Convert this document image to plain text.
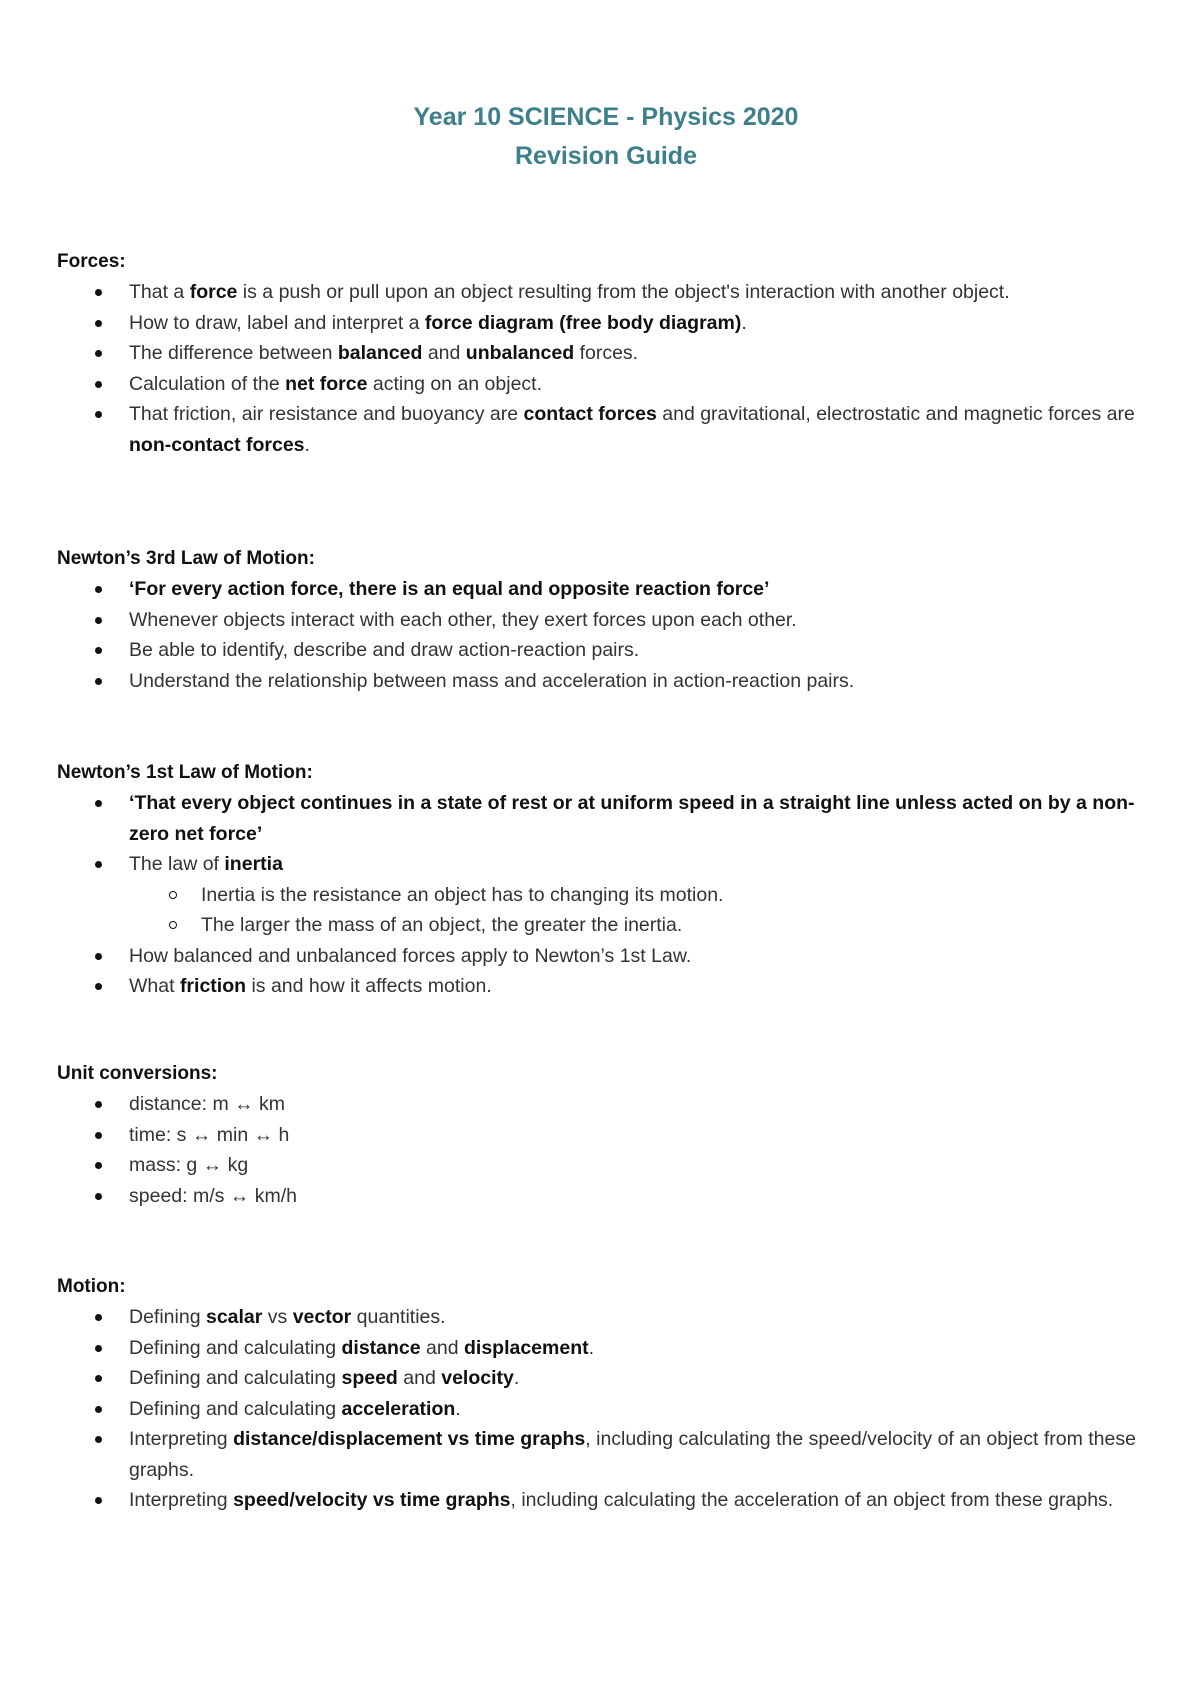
Year 10 SCIENCE - Physics 2020
Revision Guide

Forces:

That a force is a push or pull upon an object resulting from the object's interaction with another object.
How to draw, label and interpret a force diagram (free body diagram).
The difference between balanced and unbalanced forces.
Calculation of the net force acting on an object.
That friction, air resistance and buoyancy are contact forces and gravitational, electrostatic and magnetic forces are non-contact forces.

Newton’s 3rd Law of Motion:

‘For every action force, there is an equal and opposite reaction force’
Whenever objects interact with each other, they exert forces upon each other.
Be able to identify, describe and draw action-reaction pairs.
Understand the relationship between mass and acceleration in action-reaction pairs.

Newton’s 1st Law of Motion:

‘That every object continues in a state of rest or at uniform speed in a straight line unless acted on by a non-zero net force’
The law of inertia
Inertia is the resistance an object has to changing its motion.
The larger the mass of an object, the greater the inertia.
How balanced and unbalanced forces apply to Newton’s 1st Law.
What friction is and how it affects motion.

Unit conversions:

distance: m ↔ km
time: s ↔ min ↔ h
mass: g ↔ kg
speed: m/s ↔ km/h

Motion:

Defining scalar vs vector quantities.
Defining and calculating distance and displacement.
Defining and calculating speed and velocity.
Defining and calculating acceleration.
Interpreting distance/displacement vs time graphs, including calculating the speed/velocity of an object from these graphs.
Interpreting speed/velocity vs time graphs, including calculating the acceleration of an object from these graphs.
